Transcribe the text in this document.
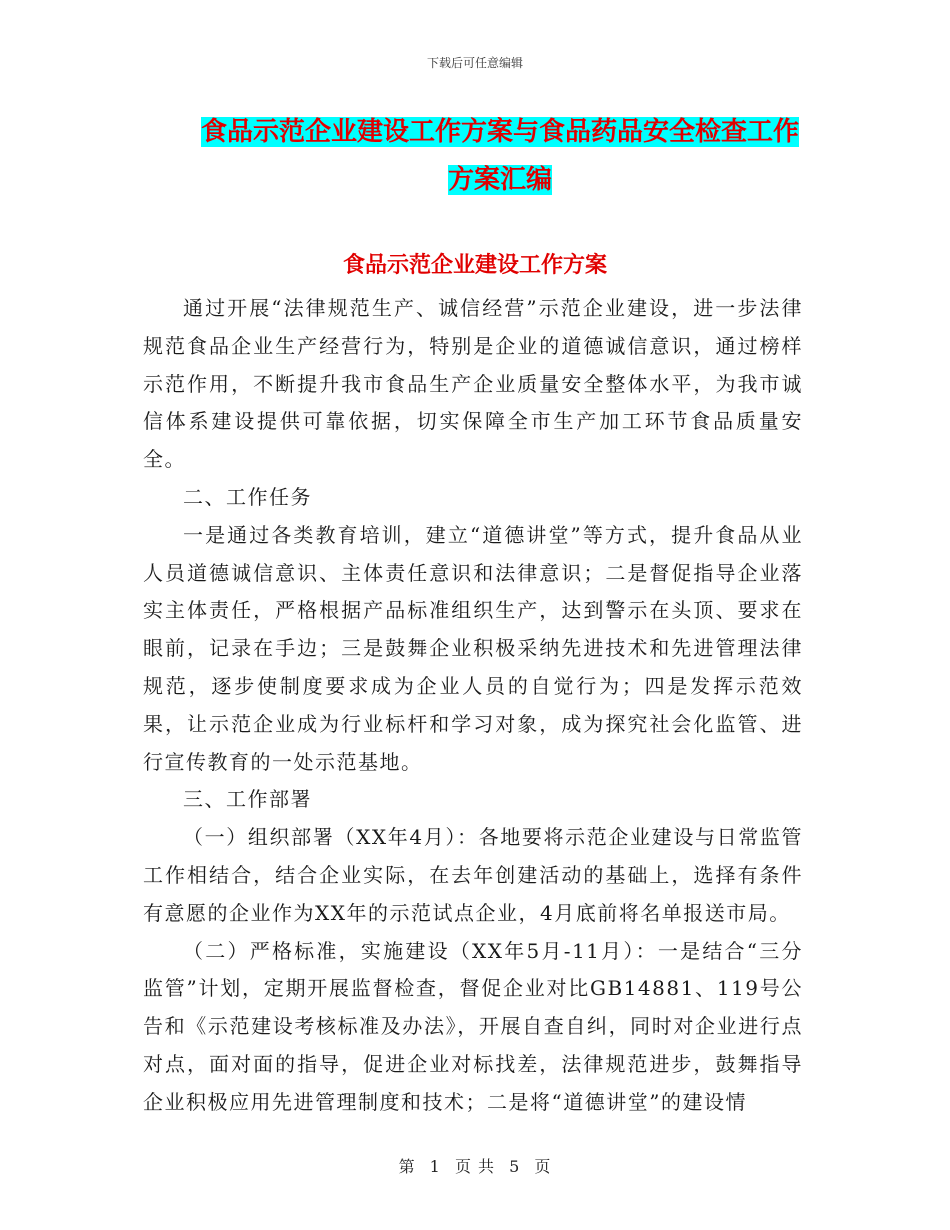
下载后可任意编辑
食品示范企业建设工作方案与食品药品安全检查工作
方案汇编
食品示范企业建设工作方案

通过开展“法律规范生产、诚信经营”示范企业建设，进一步法律规范食品企业生产经营行为，特别是企业的道德诚信意识，通过榜样示范作用，不断提升我市食品生产企业质量安全整体水平，为我市诚信体系建设提供可靠依据，切实保障全市生产加工环节食品质量安全。

二、工作任务

一是通过各类教育培训，建立“道德讲堂”等方式，提升食品从业人员道德诚信意识、主体责任意识和法律意识；二是督促指导企业落实主体责任，严格根据产品标准组织生产，达到警示在头顶、要求在眼前，记录在手边；三是鼓舞企业积极采纳先进技术和先进管理法律规范，逐步使制度要求成为企业人员的自觉行为；四是发挥示范效果，让示范企业成为行业标杆和学习对象，成为探究社会化监管、进行宣传教育的一处示范基地。

三、工作部署

（一）组织部署（XX年4月）：各地要将示范企业建设与日常监管工作相结合，结合企业实际，在去年创建活动的基础上，选择有条件有意愿的企业作为XX年的示范试点企业，4月底前将名单报送市局。

（二）严格标准，实施建设（XX年5月-11月）：一是结合“三分监管”计划，定期开展监督检查，督促企业对比GB14881、119号公告和《示范建设考核标准及办法》，开展自查自纠，同时对企业进行点对点，面对面的指导，促进企业对标找差，法律规范进步，鼓舞指导企业积极应用先进管理制度和技术；二是将“道德讲堂”的建设情

第 1 页 共 5 页
